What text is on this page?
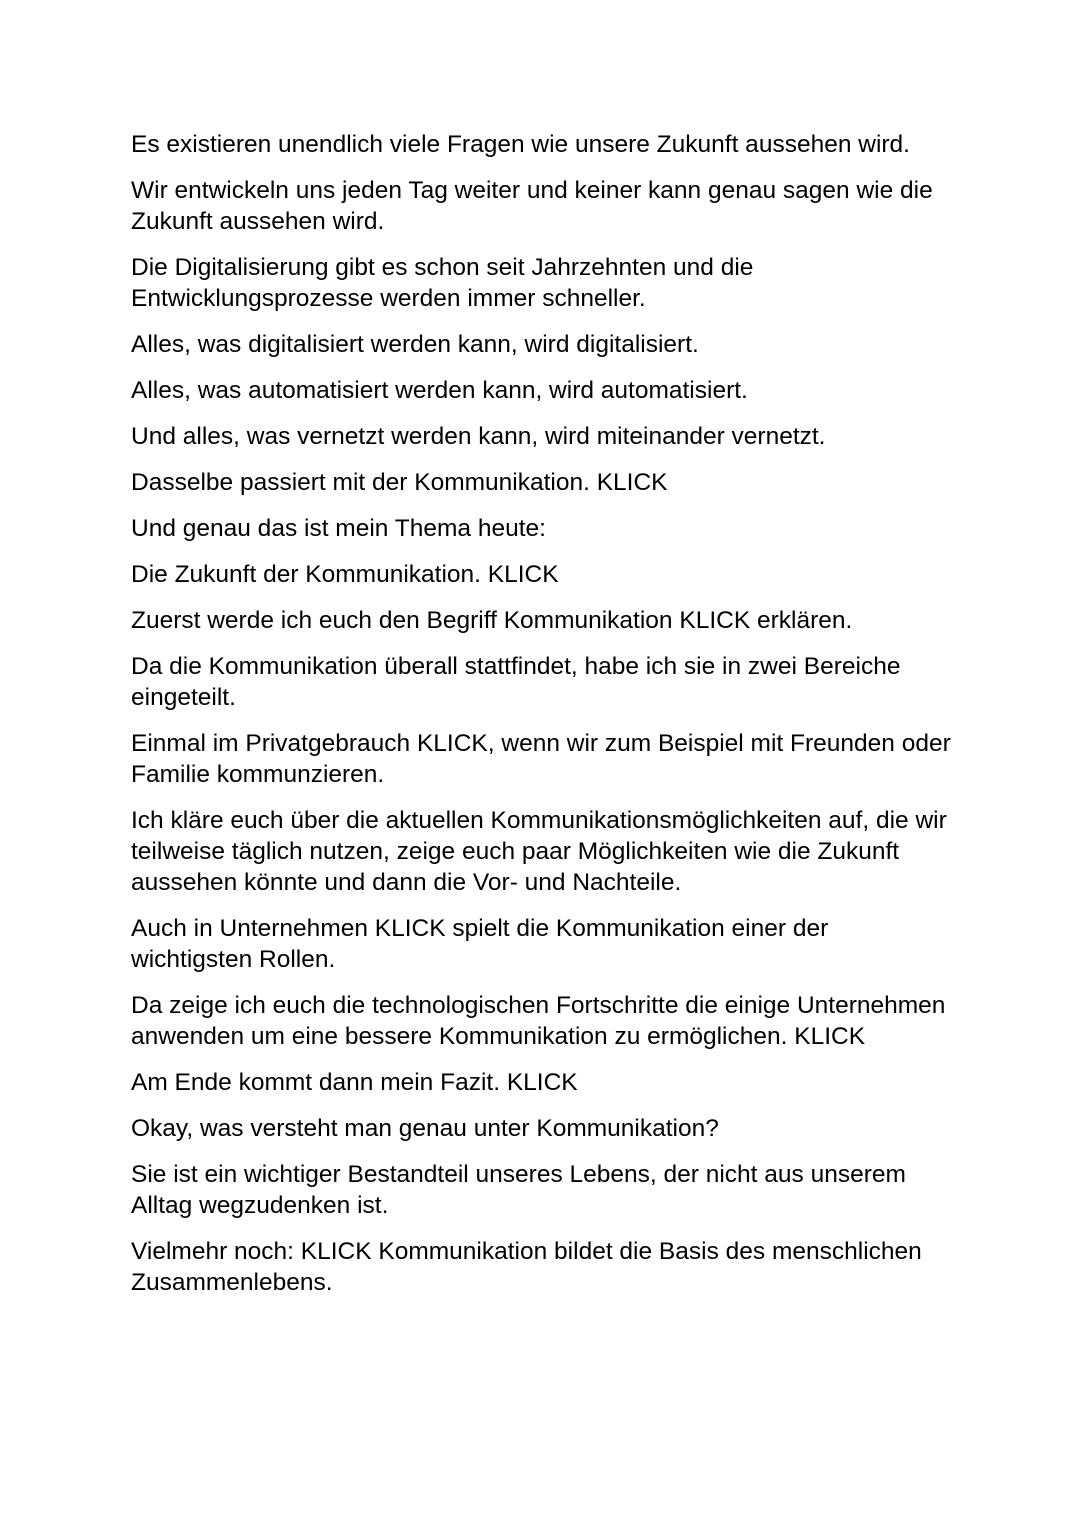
Es existieren unendlich viele Fragen wie unsere Zukunft aussehen wird.

Wir entwickeln uns jeden Tag weiter und keiner kann genau sagen wie die Zukunft aussehen wird.

Die Digitalisierung gibt es schon seit Jahrzehnten und die Entwicklungsprozesse werden immer schneller.

Alles, was digitalisiert werden kann, wird digitalisiert.

Alles, was automatisiert werden kann, wird automatisiert.

Und alles, was vernetzt werden kann, wird miteinander vernetzt.

Dasselbe passiert mit der Kommunikation. KLICK

Und genau das ist mein Thema heute:

Die Zukunft der Kommunikation. KLICK

Zuerst werde ich euch den Begriff Kommunikation KLICK erklären.

Da die Kommunikation überall stattfindet, habe ich sie in zwei Bereiche eingeteilt.

Einmal im Privatgebrauch KLICK, wenn wir zum Beispiel mit Freunden oder Familie kommunzieren.

Ich kläre euch über die aktuellen Kommunikationsmöglichkeiten auf, die wir teilweise täglich nutzen, zeige euch paar Möglichkeiten wie die Zukunft aussehen könnte und dann die Vor- und Nachteile.

Auch in Unternehmen KLICK spielt die Kommunikation einer der wichtigsten Rollen.

Da zeige ich euch die technologischen Fortschritte die einige Unternehmen anwenden um eine bessere Kommunikation zu ermöglichen. KLICK

Am Ende kommt dann mein Fazit. KLICK

Okay, was versteht man genau unter Kommunikation?

Sie ist ein wichtiger Bestandteil unseres Lebens, der nicht aus unserem Alltag wegzudenken ist.

Vielmehr noch: KLICK Kommunikation bildet die Basis des menschlichen Zusammenlebens.
